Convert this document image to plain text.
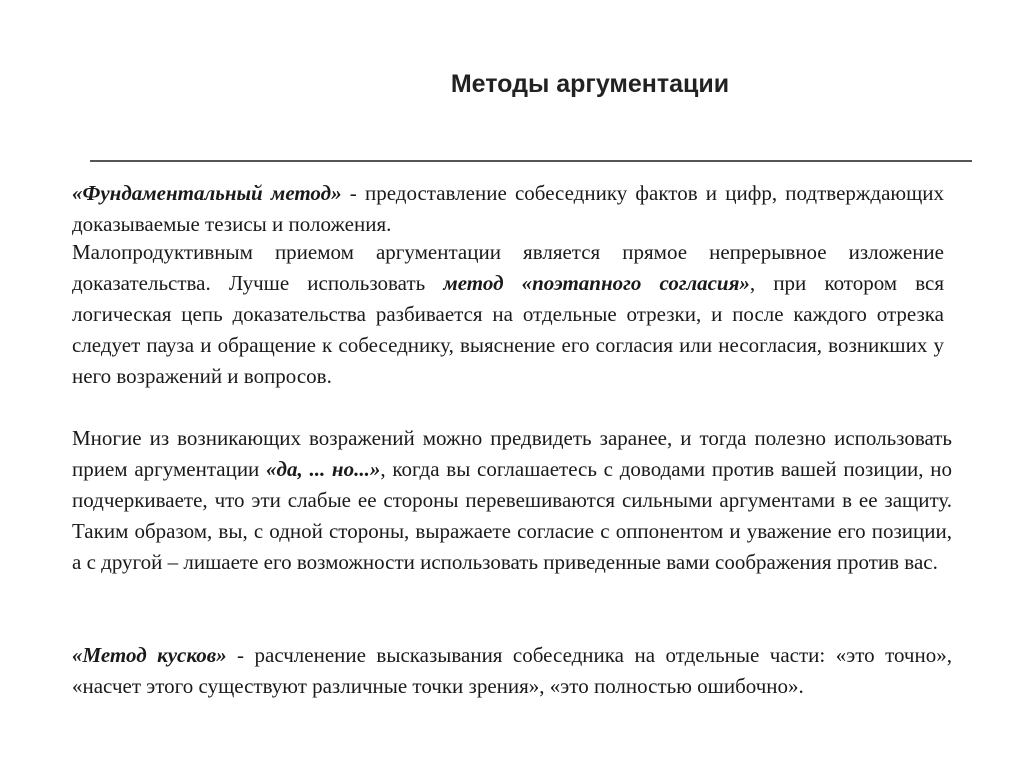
Методы аргументации
«Фундаментальный метод» - предоставление собеседнику фактов и цифр, подтверждающих доказываемые тезисы и положения.
Малопродуктивным приемом аргументации является прямое непрерывное изложение доказательства. Лучше использовать метод «поэтапного согласия», при котором вся логическая цепь доказательства разбивается на отдельные отрезки, и после каждого отрезка следует пауза и обращение к собеседнику, выяснение его согласия или несогласия, возникших у него возражений и вопросов.
Многие из возникающих возражений можно предвидеть заранее, и тогда полезно использовать прием аргументации «да, ... но...», когда вы соглашаетесь с доводами против вашей позиции, но подчеркиваете, что эти слабые ее стороны перевешиваются сильными аргументами в ее защиту. Таким образом, вы, с одной стороны, выражаете согласие с оппонентом и уважение его позиции, а с другой – лишаете его возможности использовать приведенные вами соображения против вас.
«Метод кусков» - расчленение высказывания собеседника на отдельные части: «это точно», «насчет этого существуют различные точки зрения», «это полностью ошибочно».
